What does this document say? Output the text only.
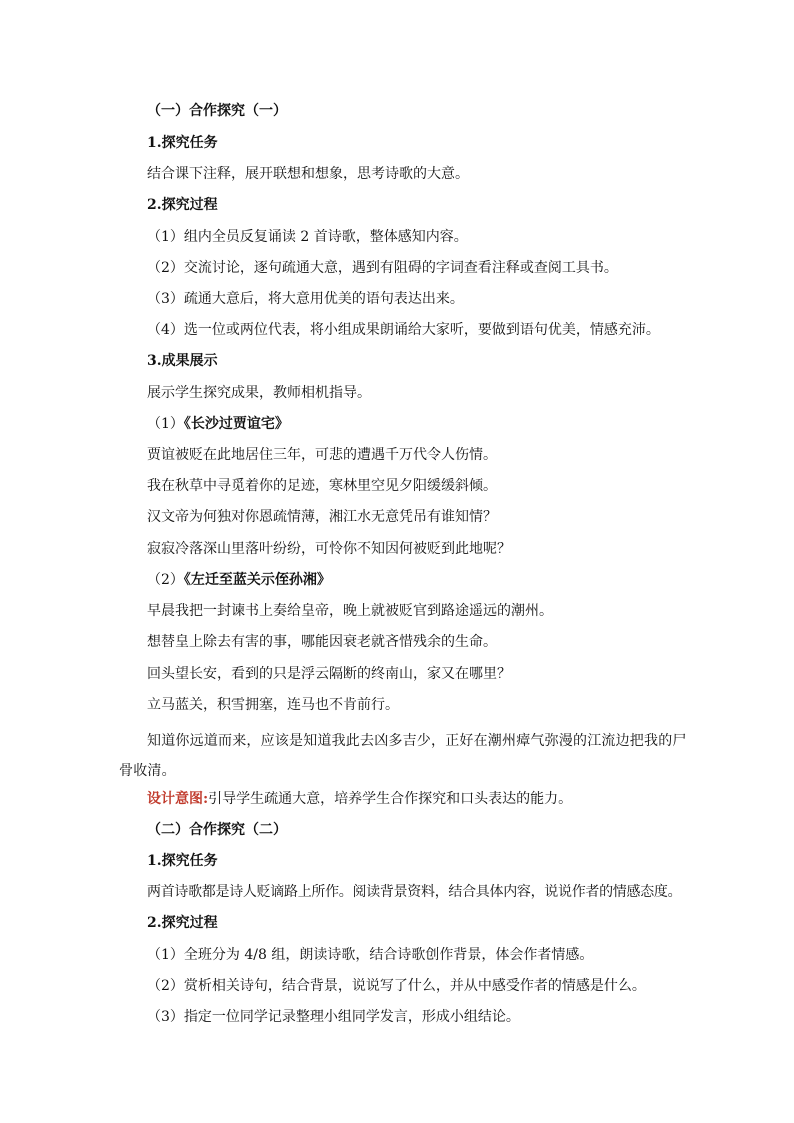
（一）合作探究（一）
1.探究任务
结合课下注释，展开联想和想象，思考诗歌的大意。
2.探究过程
（1）组内全员反复诵读 2 首诗歌，整体感知内容。
（2）交流讨论，逐句疏通大意，遇到有阻碍的字词查看注释或查阅工具书。
（3）疏通大意后，将大意用优美的语句表达出来。
（4）选一位或两位代表，将小组成果朗诵给大家听，要做到语句优美，情感充沛。
3.成果展示
展示学生探究成果，教师相机指导。
（1）《长沙过贾谊宅》
贾谊被贬在此地居住三年，可悲的遭遇千万代令人伤情。
我在秋草中寻觅着你的足迹，寒林里空见夕阳缓缓斜倾。
汉文帝为何独对你恩疏情薄，湘江水无意凭吊有谁知情？
寂寂冷落深山里落叶纷纷，可怜你不知因何被贬到此地呢？
（2）《左迁至蓝关示侄孙湘》
早晨我把一封谏书上奏给皇帝，晚上就被贬官到路途遥远的潮州。
想替皇上除去有害的事，哪能因衰老就吝惜残余的生命。
回头望长安，看到的只是浮云隔断的终南山，家又在哪里？
立马蓝关，积雪拥塞，连马也不肯前行。
知道你远道而来，应该是知道我此去凶多吉少，正好在潮州瘴气弥漫的江流边把我的尸骨收清。
设计意图:引导学生疏通大意，培养学生合作探究和口头表达的能力。
（二）合作探究（二）
1.探究任务
两首诗歌都是诗人贬谪路上所作。阅读背景资料，结合具体内容，说说作者的情感态度。
2.探究过程
（1）全班分为 4/8 组，朗读诗歌，结合诗歌创作背景，体会作者情感。
（2）赏析相关诗句，结合背景，说说写了什么，并从中感受作者的情感是什么。
（3）指定一位同学记录整理小组同学发言，形成小组结论。
